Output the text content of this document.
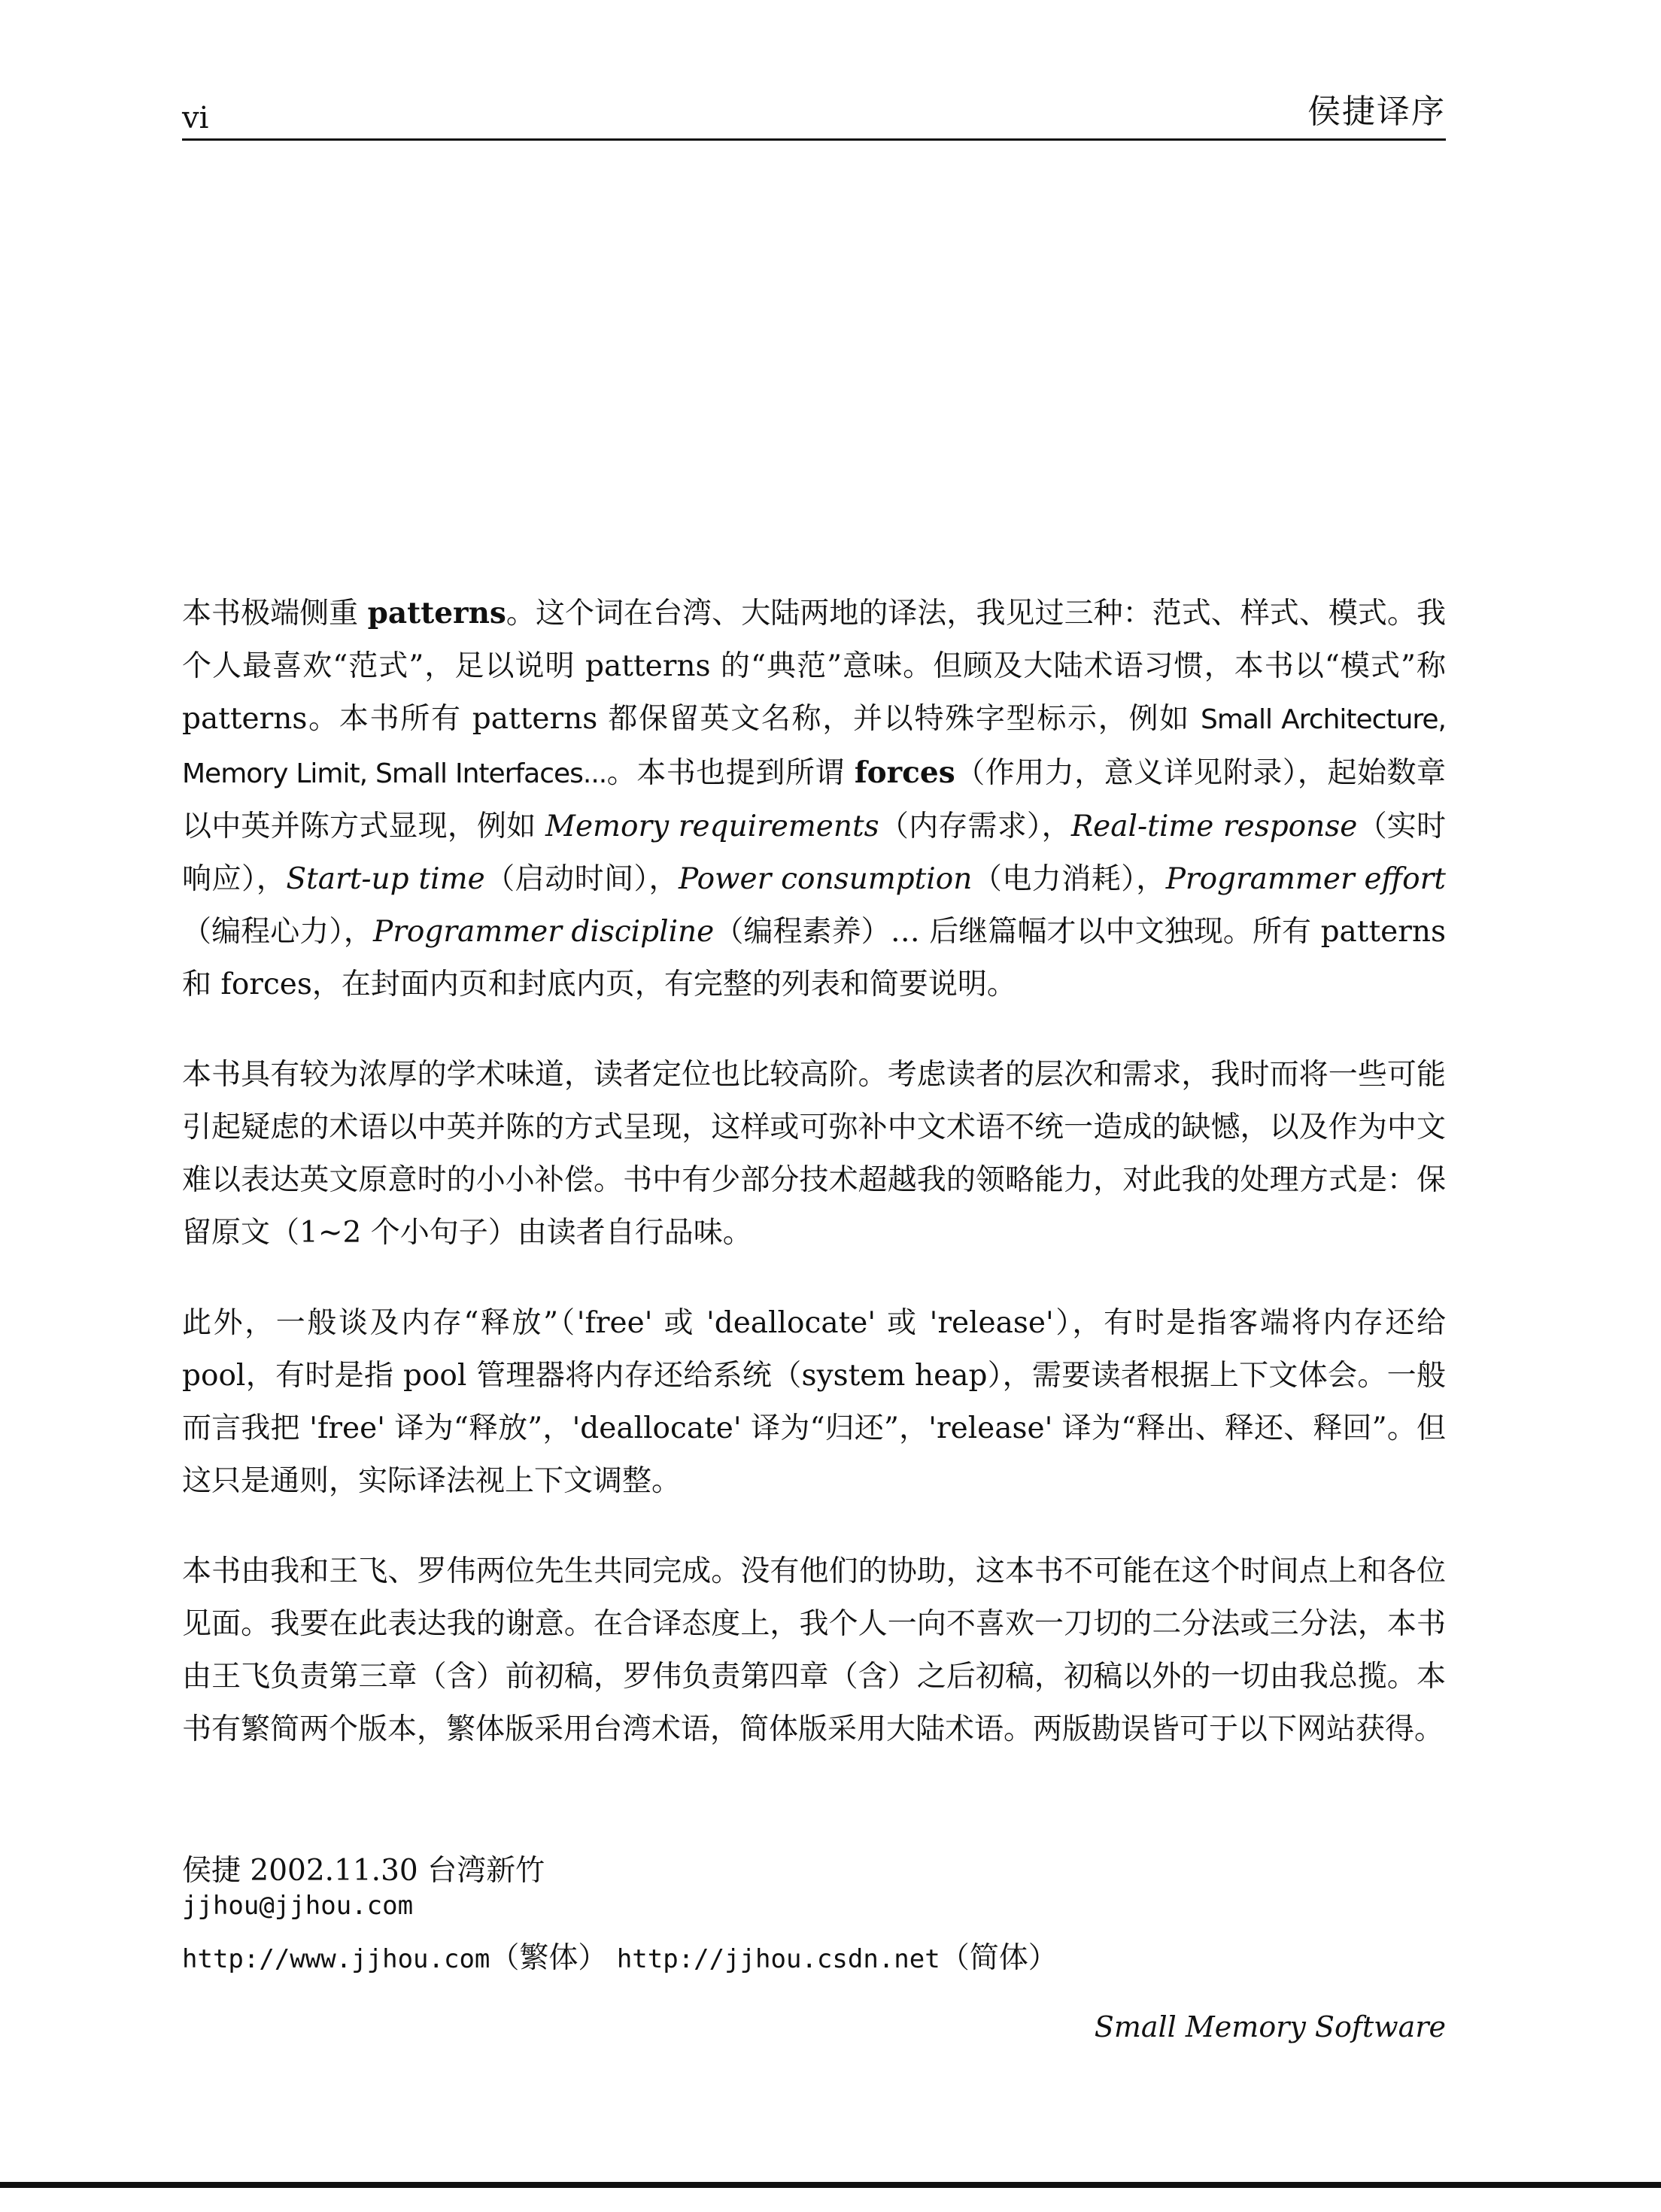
vi	侯捷译序

本书极端侧重 patterns。这个词在台湾、大陆两地的译法，我见过三种：范式、样式、模式。我个人最喜欢“范式”，足以说明 patterns 的“典范”意味。但顾及大陆术语习惯，本书以“模式”称 patterns。本书所有 patterns 都保留英文名称，并以特殊字型标示，例如 Small Architecture, Memory Limit, Small Interfaces...。本书也提到所谓 forces（作用力，意义详见附录），起始数章以中英并陈方式显现，例如 Memory requirements（内存需求），Real-time response（实时响应），Start-up time（启动时间），Power consumption（电力消耗），Programmer effort（编程心力），Programmer discipline（编程素养）… 后继篇幅才以中文独现。所有 patterns 和 forces，在封面内页和封底内页，有完整的列表和简要说明。

本书具有较为浓厚的学术味道，读者定位也比较高阶。考虑读者的层次和需求，我时而将一些可能引起疑虑的术语以中英并陈的方式呈现，这样或可弥补中文术语不统一造成的缺憾，以及作为中文难以表达英文原意时的小小补偿。书中有少部分技术超越我的领略能力，对此我的处理方式是：保留原文（1~2 个小句子）由读者自行品味。

此外，一般谈及内存“释放”（'free' 或 'deallocate' 或 'release'），有时是指客端将内存还给 pool，有时是指 pool 管理器将内存还给系统（system heap），需要读者根据上下文体会。一般而言我把 'free' 译为“释放”，'deallocate' 译为“归还”，'release' 译为“释出、释还、释回”。但这只是通则，实际译法视上下文调整。

本书由我和王飞、罗伟两位先生共同完成。没有他们的协助，这本书不可能在这个时间点上和各位见面。我要在此表达我的谢意。在合译态度上，我个人一向不喜欢一刀切的二分法或三分法，本书由王飞负责第三章（含）前初稿，罗伟负责第四章（含）之后初稿，初稿以外的一切由我总揽。本书有繁简两个版本，繁体版采用台湾术语，简体版采用大陆术语。两版勘误皆可于以下网站获得。

侯捷 2002.11.30 台湾新竹
jjhou@jjhou.com
http://www.jjhou.com（繁体） http://jjhou.csdn.net（简体）
Small Memory Software
